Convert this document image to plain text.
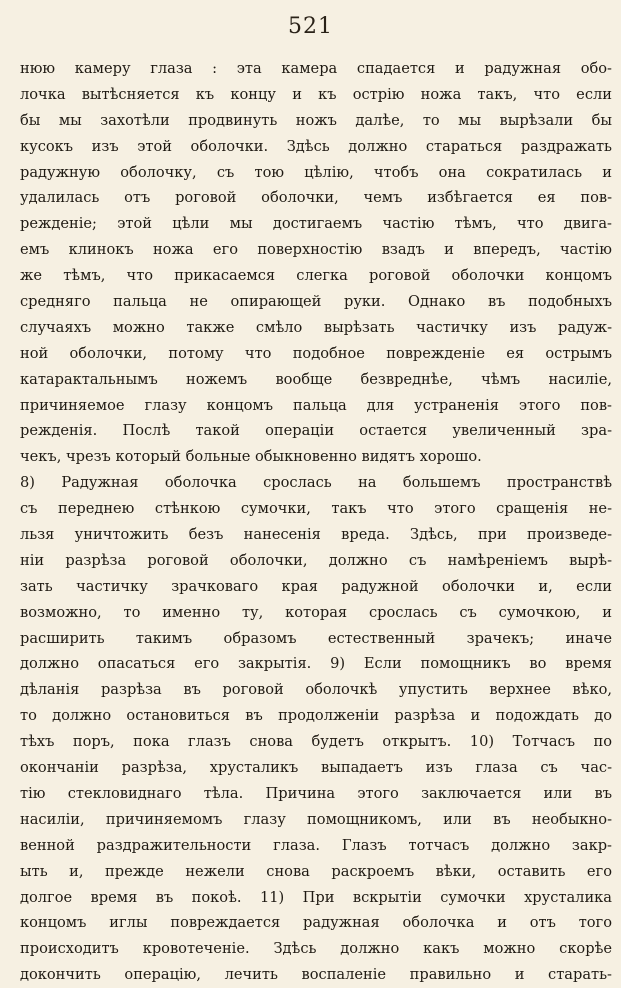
521
нюю камеру глаза : эта камера спадается и радужная обо-
лочка вытѣсняется къ концу и къ острію ножа такъ, что если
бы мы захотѣли продвинуть ножъ далѣе, то мы вырѣзали бы
кусокъ изъ этой оболочки. Здѣсь должно стараться раздражать
радужную оболочку, съ тою цѣлію, чтобъ она сократилась и
удалилась отъ роговой оболочки, чемъ избѣгается ея пов-
режденіе; этой цѣли мы достигаемъ частію тѣмъ, что двига-
емъ клинокъ ножа его поверхностію взадъ и впередъ, частію
же тѣмъ, что прикасаемся слегка роговой оболочки концомъ
средняго пальца не опирающей руки. Однако въ подобныхъ
случаяхъ можно также смѣло вырѣзать частичку изъ радуж-
ной оболочки, потому что подобное поврежденіе ея острымъ
катарактальнымъ ножемъ вообще безвреднѣе, чѣмъ насиліе,
причиняемое глазу концомъ пальца для устраненія этого пов-
режденія. Послѣ такой операціи остается увеличенный зра-
чекъ, чрезъ который больные обыкновенно видятъ хорошо.
8) Радужная оболочка срослась на большемъ пространствѣ
съ переднею стѣнкою сумочки, такъ что этого сращенія не-
льзя уничтожить безъ нанесенія вреда. Здѣсь, при произведе-
ніи разрѣза роговой оболочки, должно съ намѣреніемъ вырѣ-
зать частичку зрачковаго края радужной оболочки и, если
возможно, то именно ту, которая срослась съ сумочкою, и
расширить такимъ образомъ естественный зрачекъ; иначе
должно опасаться его закрытія. 9) Если помощникъ во время
дѣланія разрѣза въ роговой оболочкѣ упустить верхнее вѣко,
то должно остановиться въ продолженіи разрѣза и подождать до
тѣхъ поръ, пока глазъ снова будетъ открытъ. 10) Тотчасъ по
окончаніи разрѣза, хрусталикъ выпадаетъ изъ глаза съ час-
тію стекловиднаго тѣла. Причина этого заключается или въ
насиліи, причиняемомъ глазу помощникомъ, или въ необыкно-
венной раздражительности глаза. Глазъ тотчасъ должно закр-
ыть и, прежде нежели снова раскроемъ вѣки, оставить его
долгое время въ покоѣ. 11) При вскрытіи сумочки хрусталика
концомъ иглы повреждается радужная оболочка и отъ того
происходитъ кровотеченіе. Здѣсь должно какъ можно скорѣе
докончить операцію, лечить воспаленіе правильно и старать-
